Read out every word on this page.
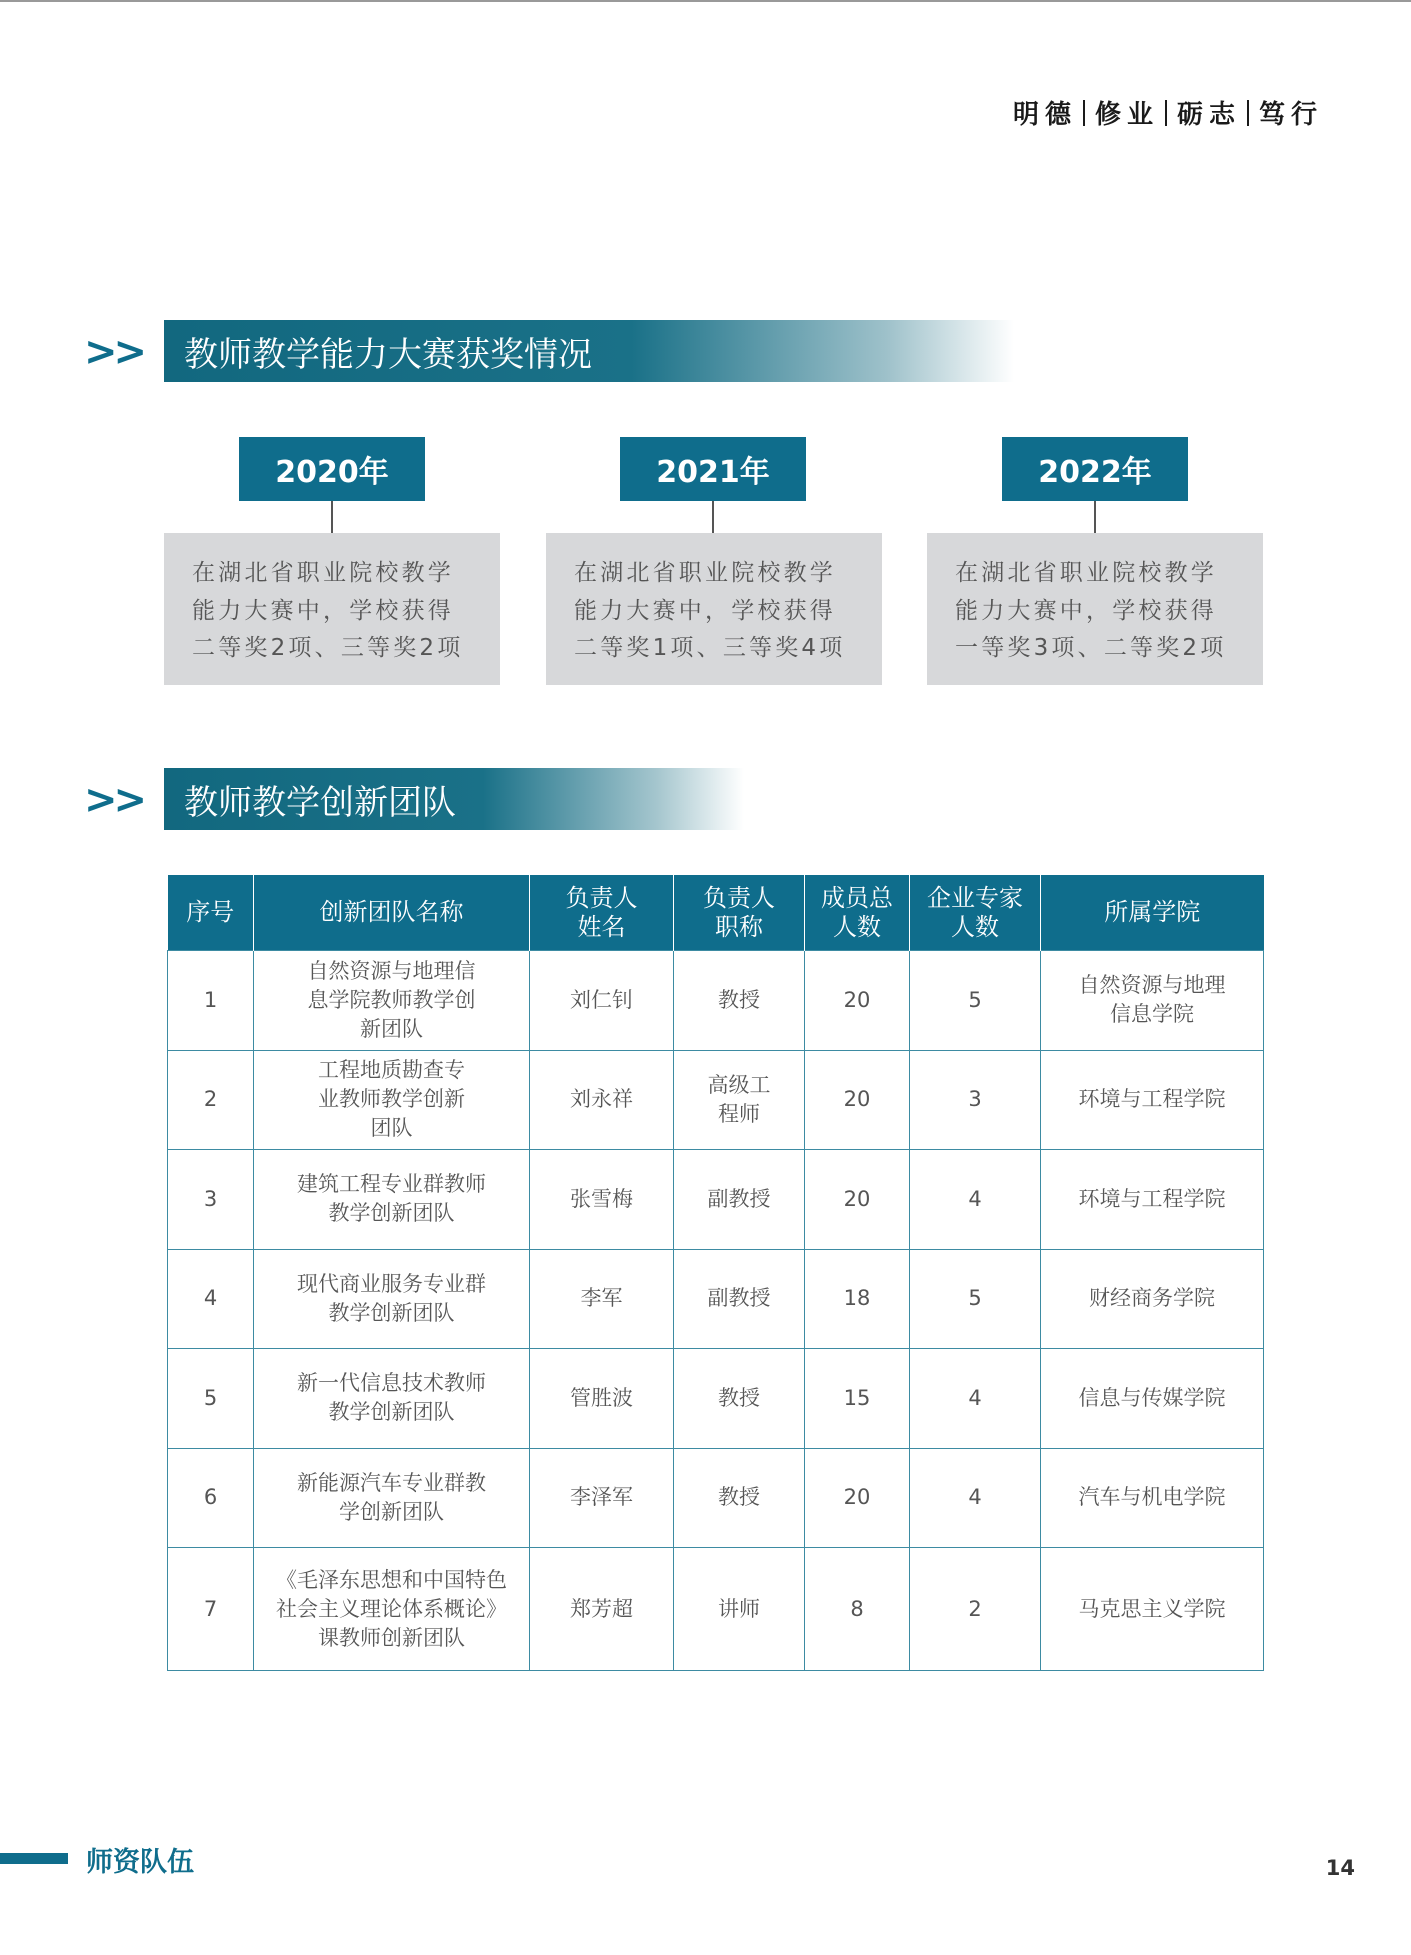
明德 修业 砺志 笃行
>>	教师教学能力大赛获奖情况
2020年
在湖北省职业院校教学能力大赛中，学校获得二等奖2项、三等奖2项
2021年
在湖北省职业院校教学能力大赛中，学校获得二等奖1项、三等奖4项
2022年
在湖北省职业院校教学能力大赛中，学校获得一等奖3项、二等奖2项
>>	教师教学创新团队
序号	创新团队名称	负责人姓名	负责人职称	成员总人数	企业专家人数	所属学院

1	自然资源与地理信息学院教师教学创新团队	刘仁钊	教授	20	5	自然资源与地理信息学院

2	工程地质勘查专业教师教学创新团队	刘永祥	高级工程师	20	3	环境与工程学院

3	建筑工程专业群教师教学创新团队	张雪梅	副教授	20	4	环境与工程学院

4	现代商业服务专业群教学创新团队	李军	副教授	18	5	财经商务学院

5	新一代信息技术教师教学创新团队	管胜波	教授	15	4	信息与传媒学院

6	新能源汽车专业群教学创新团队	李泽军	教授	20	4	汽车与机电学院

7	《毛泽东思想和中国特色社会主义理论体系概论》课教师创新团队	郑芳超	讲师	8	2	马克思主义学院
师资队伍	14
